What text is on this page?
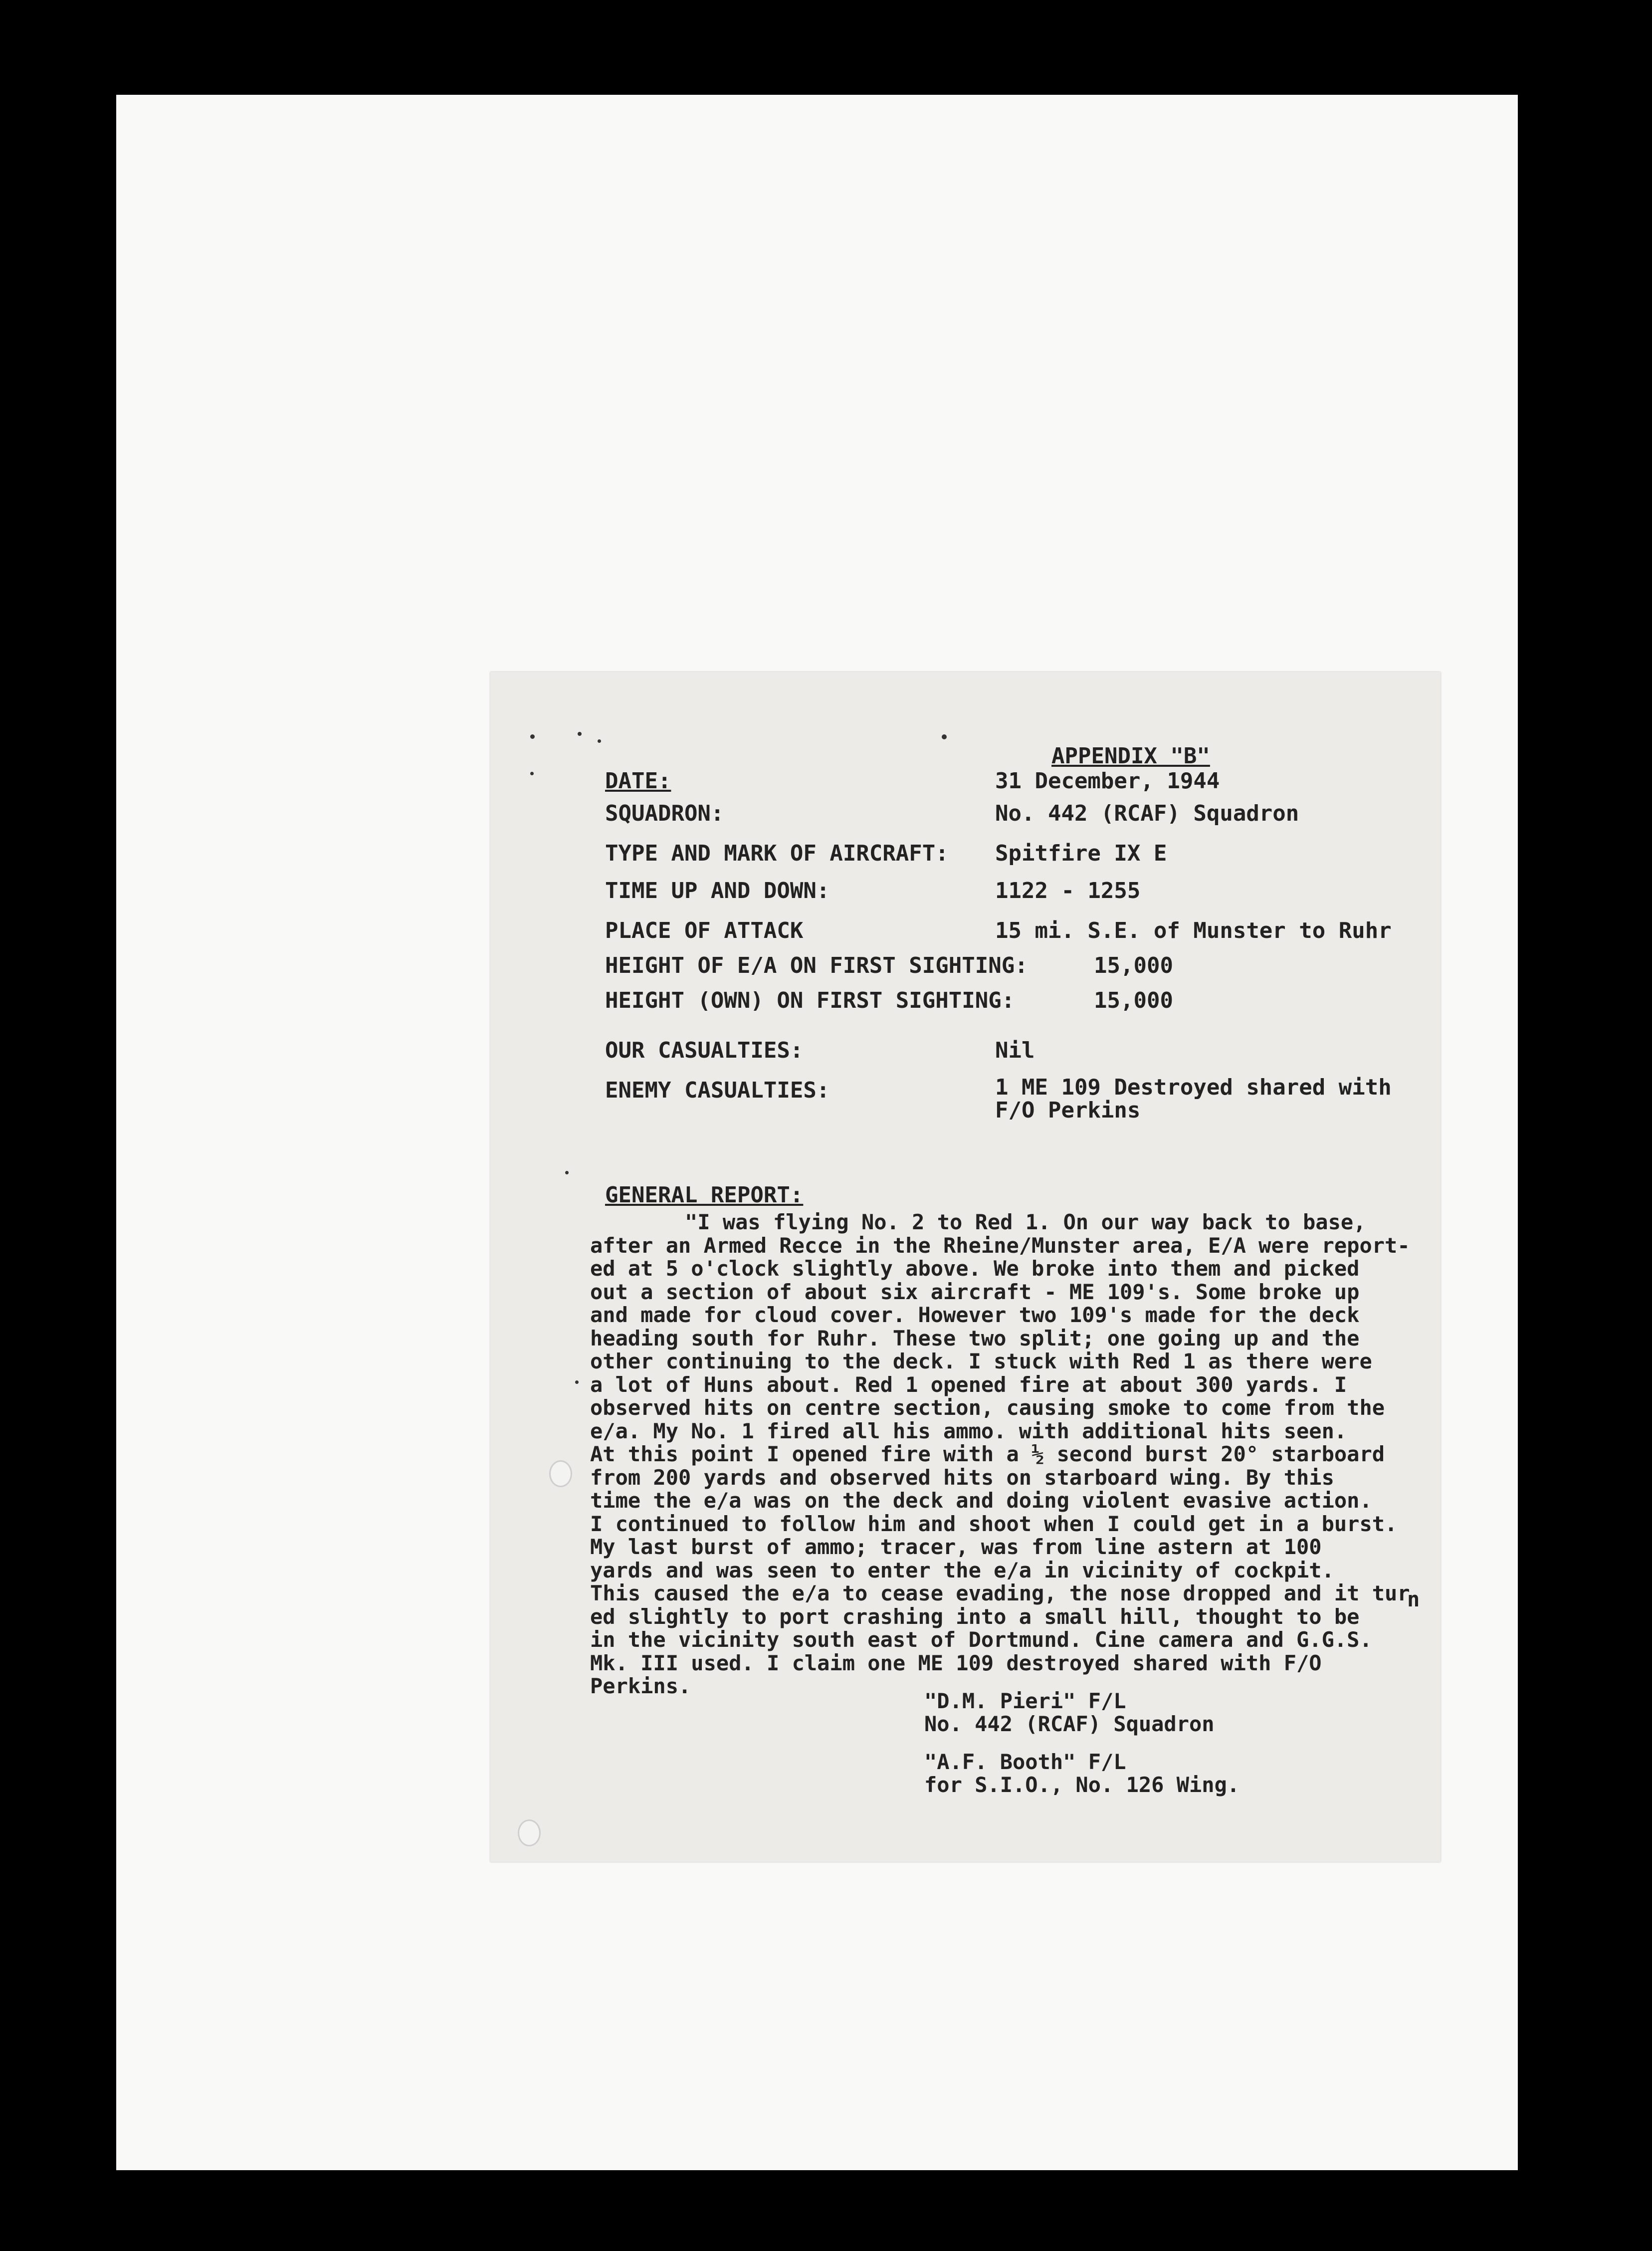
APPENDIX "B"
DATE:	31 December, 1944
SQUADRON:	No. 442 (RCAF) Squadron
TYPE AND MARK OF AIRCRAFT: Spitfire IX E
TIME UP AND DOWN:	1122 - 1255
PLACE OF ATTACK	15 mi. S.E. of Munster to Ruhr
HEIGHT OF E/A ON FIRST SIGHTING:	15,000
HEIGHT (OWN) ON FIRST SIGHTING:	15,000
OUR CASUALTIES:	Nil
ENEMY CASUALTIES:	1 ME 109 Destroyed shared with F/O Perkins
GENERAL REPORT:
"I was flying No. 2 to Red 1. On our way back to base,
after an Armed Recce in the Rheine/Munster area, E/A were report-
ed at 5 o'clock slightly above. We broke into them and picked
out a section of about six aircraft - ME 109's. Some broke up
and made for cloud cover. However two 109's made for the deck
heading south for Ruhr. These two split; one going up and the
other continuing to the deck. I stuck with Red 1 as there were
a lot of Huns about. Red 1 opened fire at about 300 yards. I
observed hits on centre section, causing smoke to come from the
e/a. My No. 1 fired all his ammo. with additional hits seen.
At this point I opened fire with a ½ second burst 20° starboard
from 200 yards and observed hits on starboard wing. By this
time the e/a was on the deck and doing violent evasive action.
I continued to follow him and shoot when I could get in a burst.
My last burst of ammo; tracer, was from line astern at 100
yards and was seen to enter the e/a in vicinity of cockpit.
This caused the e/a to cease evading, the nose dropped and it tur
ed slightly to port crashing into a small hill, thought to be
in the vicinity south east of Dortmund. Cine camera and G.G.S.
Mk. III used. I claim one ME 109 destroyed shared with F/O
Perkins.
n
"D.M. Pieri" F/L
No. 442 (RCAF) Squadron
"A.F. Booth" F/L
for S.I.O., No. 126 Wing.
